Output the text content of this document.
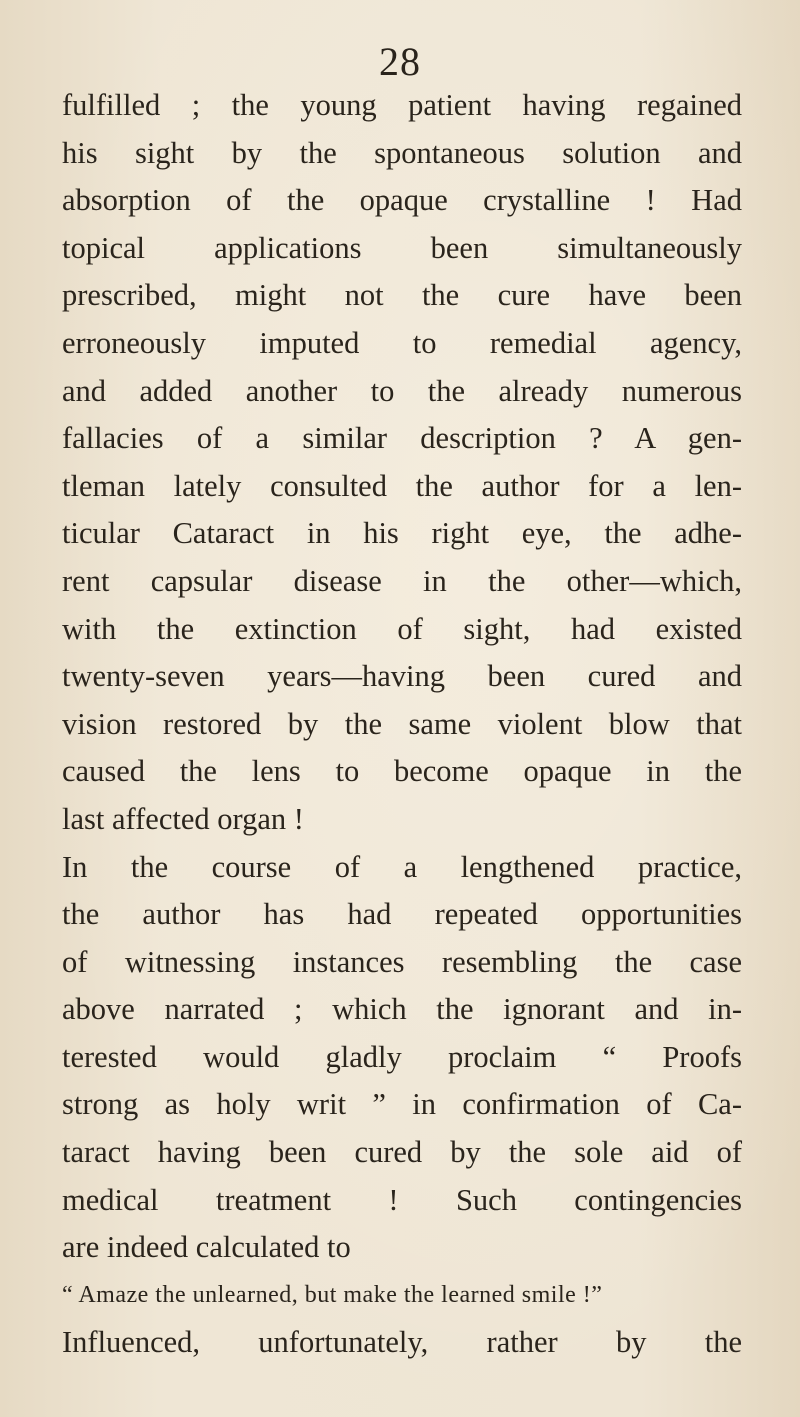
28
fulfilled ; the young patient having regained
his sight by the spontaneous solution and
absorption of the opaque crystalline ! Had
topical applications been simultaneously
prescribed, might not the cure have been
erroneously imputed to remedial agency,
and added another to the already numerous
fallacies of a similar description ? A gen-
tleman lately consulted the author for a len-
ticular Cataract in his right eye, the adhe-
rent capsular disease in the other—which,
with the extinction of sight, had existed
twenty-seven years—having been cured and
vision restored by the same violent blow that
caused the lens to become opaque in the
last affected organ !
In the course of a lengthened practice,
the author has had repeated opportunities
of witnessing instances resembling the case
above narrated ; which the ignorant and in-
terested would gladly proclaim “ Proofs
strong as holy writ ” in confirmation of Ca-
taract having been cured by the sole aid of
medical treatment ! Such contingencies
are indeed calculated to
“ Amaze the unlearned, but make the learned smile !”
Influenced, unfortunately, rather by the
